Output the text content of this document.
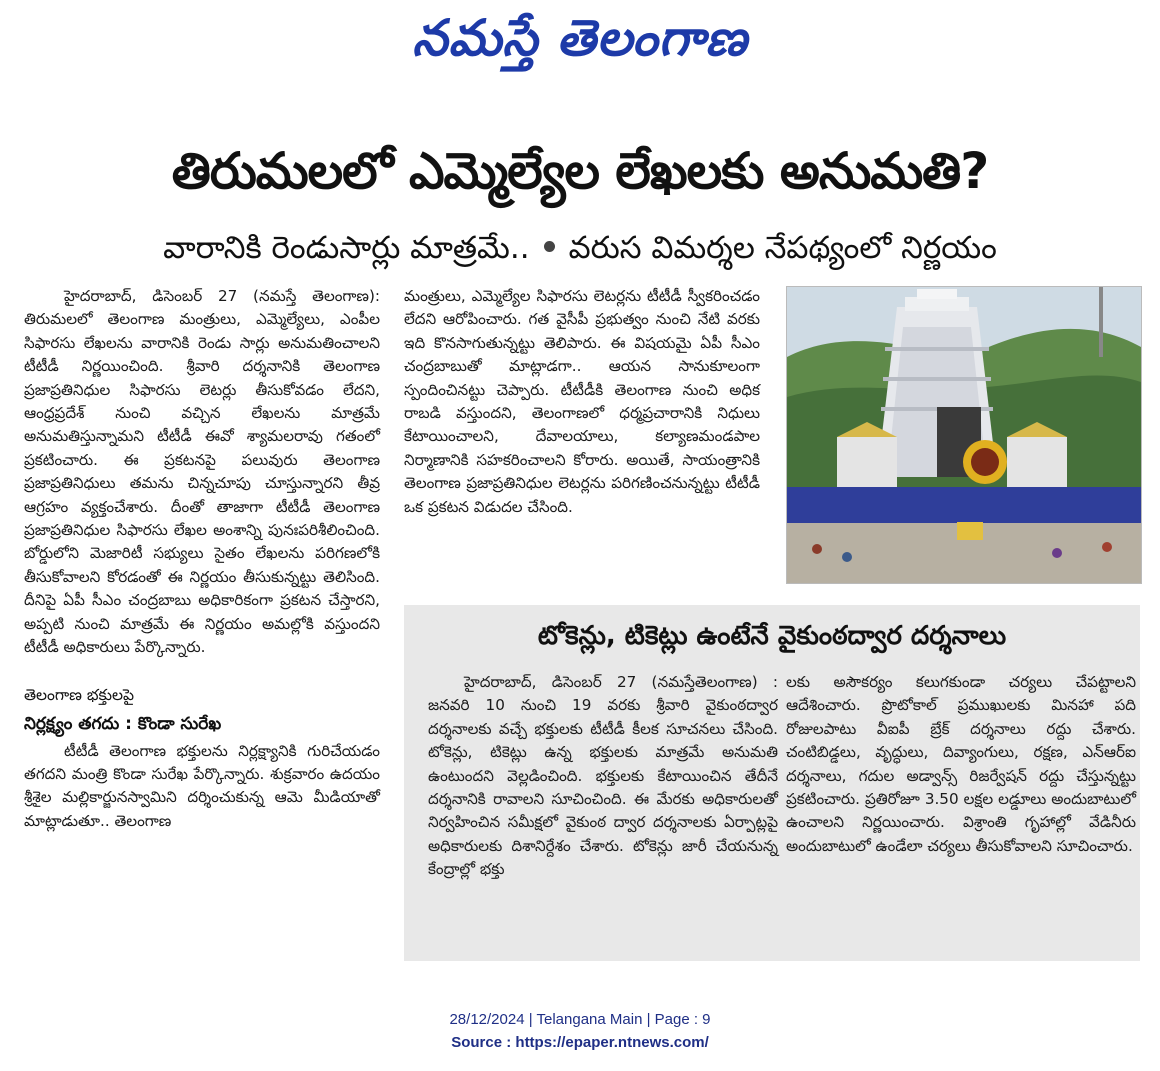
నమస్తే తెలంగాణ
తిరుమలలో ఎమ్మెల్యేల లేఖలకు అనుమతి?
వారానికి రెండుసార్లు మాత్రమే.. వరుస విమర్శల నేపథ్యంలో నిర్ణయం

హైదరాబాద్, డిసెంబర్ 27 (నమస్తే తెలంగాణ): తిరుమలలో తెలంగాణ మంత్రులు, ఎమ్మెల్యేలు, ఎంపీల సిఫారసు లేఖలను వారానికి రెండు సార్లు అనుమతించాలని టీటీడీ నిర్ణయించింది. శ్రీవారి దర్శనానికి తెలంగాణ ప్రజాప్రతినిధుల సిఫారసు లెటర్లు తీసుకోవడం లేదని, ఆంధ్రప్రదేశ్ నుంచి వచ్చిన లేఖలను మాత్రమే అనుమతిస్తున్నామని టీటీడీ ఈవో శ్యామలరావు గతంలో ప్రకటించారు. ఈ ప్రకటనపై పలువురు తెలంగాణ ప్రజాప్రతినిధులు తమను చిన్నచూపు చూస్తున్నారని తీవ్ర ఆగ్రహం వ్యక్తంచేశారు. దీంతో తాజాగా టీటీడీ తెలంగాణ ప్రజాప్రతినిధుల సిఫారసు లేఖల అంశాన్ని పునఃపరిశీలించింది. బోర్డులోని మెజారిటీ సభ్యులు సైతం లేఖలను పరిగణలోకి తీసుకోవాలని కోరడంతో ఈ నిర్ణయం తీసుకున్నట్టు తెలిసింది. దీనిపై ఏపీ సీఎం చంద్రబాబు అధికారికంగా ప్రకటన చేస్తారని, అప్పటి నుంచి మాత్రమే ఈ నిర్ణయం అమల్లోకి వస్తుందని టీటీడీ అధికారులు పేర్కొన్నారు.

తెలంగాణ భక్తులపై
నిర్లక్ష్యం తగదు : కొండా సురేఖ

టీటీడీ తెలంగాణ భక్తులను నిర్లక్ష్యానికి గురిచేయడం తగదని మంత్రి కొండా సురేఖ పేర్కొన్నారు. శుక్రవారం ఉదయం శ్రీశైల మల్లికార్జునస్వామిని దర్శించుకున్న ఆమె మీడియాతో మాట్లాడుతూ.. తెలంగాణ

మంత్రులు, ఎమ్మెల్యేల సిఫారసు లెటర్లను టీటీడీ స్వీకరించడం లేదని ఆరోపించారు. గత వైసీపీ ప్రభుత్వం నుంచి నేటి వరకు ఇది కొనసాగుతున్నట్టు తెలిపారు. ఈ విషయమై ఏపీ సీఎం చంద్రబాబుతో మాట్లాడగా.. ఆయన సానుకూలంగా స్పందించినట్టు చెప్పారు. టీటీడీకి తెలంగాణ నుంచి అధిక రాబడి వస్తుందని, తెలంగాణలో ధర్మప్రచారానికి నిధులు కేటాయించాలని, దేవాలయాలు, కల్యాణమండపాల నిర్మాణానికి సహకరించాలని కోరారు. అయితే, సాయంత్రానికి తెలంగాణ ప్రజాప్రతినిధుల లెటర్లను పరిగణించనున్నట్టు టీటీడీ ఒక ప్రకటన విడుదల చేసింది.

టోకెన్లు, టికెట్లు ఉంటేనే వైకుంఠద్వార దర్శనాలు

హైదరాబాద్, డిసెంబర్ 27 (నమస్తేతెలంగాణ) : జనవరి 10 నుంచి 19 వరకు శ్రీవారి వైకుంఠద్వార దర్శనాలకు వచ్చే భక్తులకు టీటీడీ కీలక సూచనలు చేసింది. టోకెన్లు, టికెట్లు ఉన్న భక్తులకు మాత్రమే అనుమతి ఉంటుందని వెల్లడించింది. భక్తులకు కేటాయించిన తేదీనే దర్శనానికి రావాలని సూచించింది. ఈ మేరకు అధికారులతో నిర్వహించిన సమీక్షలో వైకుంఠ ద్వార దర్శనాలకు ఏర్పాట్లపై అధికారులకు దిశానిర్దేశం చేశారు. టోకెన్లు జారీ చేయనున్న కేంద్రాల్లో భక్తు

లకు అసౌకర్యం కలుగకుండా చర్యలు చేపట్టాలని ఆదేశించారు. ప్రొటోకాల్ ప్రముఖులకు మినహా పది రోజులపాటు వీఐపీ బ్రేక్ దర్శనాలు రద్దు చేశారు. చంటిబిడ్డలు, వృద్ధులు, దివ్యాంగులు, రక్షణ, ఎన్ఆర్ఐ దర్శనాలు, గదుల అడ్వాన్స్ రిజర్వేషన్ రద్దు చేస్తున్నట్టు ప్రకటించారు. ప్రతిరోజూ 3.50 లక్షల లడ్డూలు అందుబాటులో ఉంచాలని నిర్ణయించారు. విశ్రాంతి గృహాల్లో వేడినీరు అందుబాటులో ఉండేలా చర్యలు తీసుకోవాలని సూచించారు.

28/12/2024 | Telangana Main | Page : 9
Source : https://epaper.ntnews.com/
